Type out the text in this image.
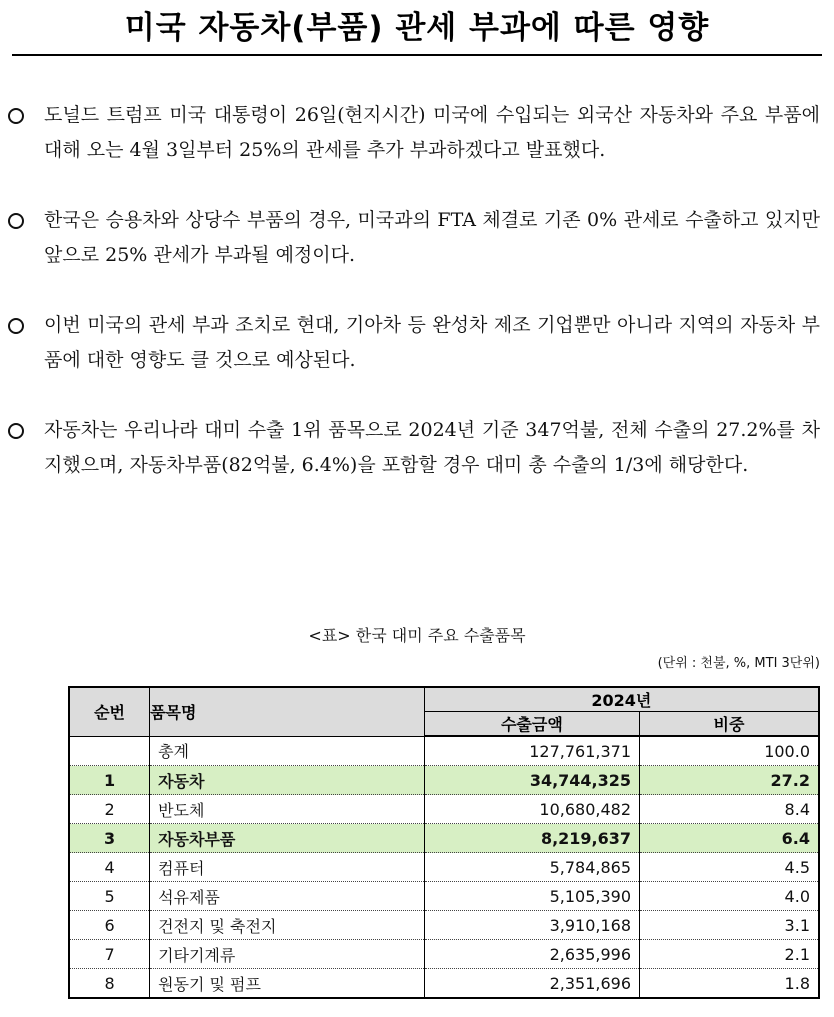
미국 자동차(부품) 관세 부과에 따른 영향
도널드 트럼프 미국 대통령이 26일(현지시간) 미국에 수입되는 외국산 자동차와 주요 부품에 대해 오는 4월 3일부터 25%의 관세를 추가 부과하겠다고 발표했다.
한국은 승용차와 상당수 부품의 경우, 미국과의 FTA 체결로 기존 0% 관세로 수출하고 있지만 앞으로 25% 관세가 부과될 예정이다.
이번 미국의 관세 부과 조치로 현대, 기아차 등 완성차 제조 기업뿐만 아니라 지역의 자동차 부품에 대한 영향도 클 것으로 예상된다.
자동차는 우리나라 대미 수출 1위 품목으로 2024년 기준 347억불, 전체 수출의 27.2%를 차지했으며, 자동차부품(82억불, 6.4%)을 포함할 경우 대미 총 수출의 1/3에 해당한다.
<표> 한국 대미 주요 수출품목
(단위 : 천불, %, MTI 3단위)
순번	품목명	2024년	
		수출금액	비중
	총계	127,761,371	100.0
1	자동차	34,744,325	27.2
2	반도체	10,680,482	8.4
3	자동차부품	8,219,637	6.4
4	컴퓨터	5,784,865	4.5
5	석유제품	5,105,390	4.0
6	건전지 및 축전지	3,910,168	3.1
7	기타기계류	2,635,996	2.1
8	원동기 및 펌프	2,351,696	1.8
